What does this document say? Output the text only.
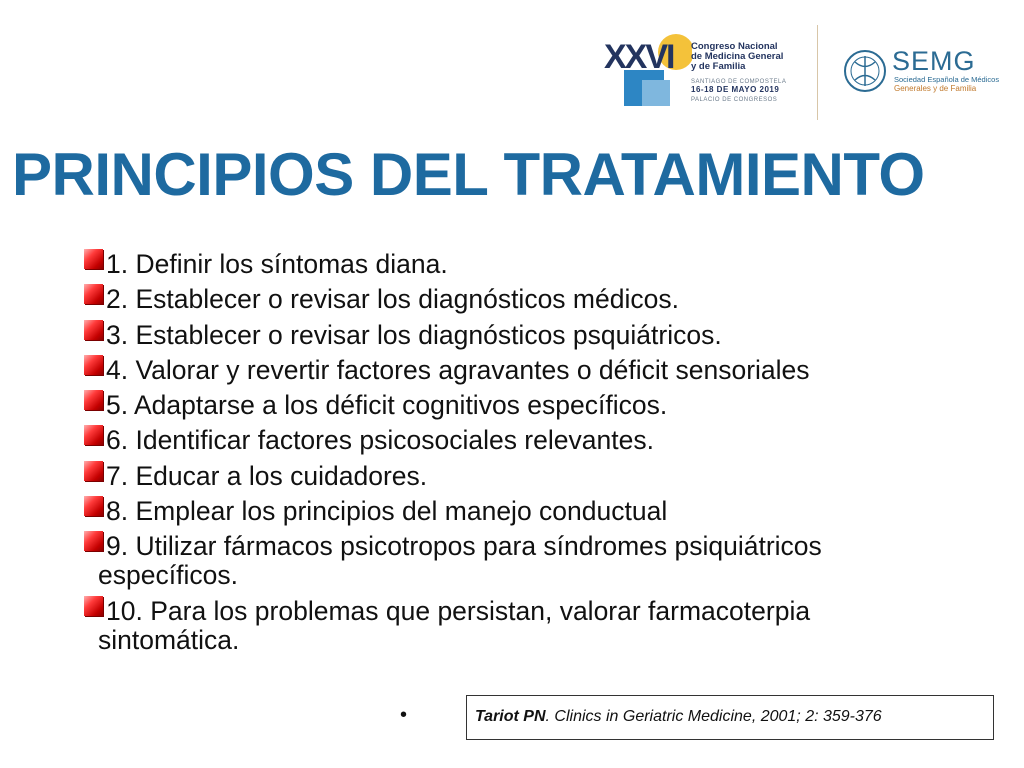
XXVI Congreso Nacional
de Medicina General
y de Familia
SANTIAGO DE COMPOSTELA
16-18 DE MAYO 2019
PALACIO DE CONGRESOS
SEMG
Sociedad Española de Médicos
Generales y de Familia
PRINCIPIOS DEL TRATAMIENTO
1. Definir los síntomas diana.
2. Establecer o revisar los diagnósticos médicos.
3. Establecer o revisar los diagnósticos psquiátricos.
4. Valorar y revertir factores agravantes o déficit sensoriales
5. Adaptarse a los déficit cognitivos específicos.
6. Identificar factores psicosociales relevantes.
7. Educar a los cuidadores.
8. Emplear los principios del manejo conductual
9. Utilizar fármacos psicotropos para síndromes psiquiátricos
específicos.
10. Para los problemas que persistan, valorar farmacoterpia
sintomática.
•	Tariot PN. Clinics in Geriatric Medicine, 2001; 2: 359-376
